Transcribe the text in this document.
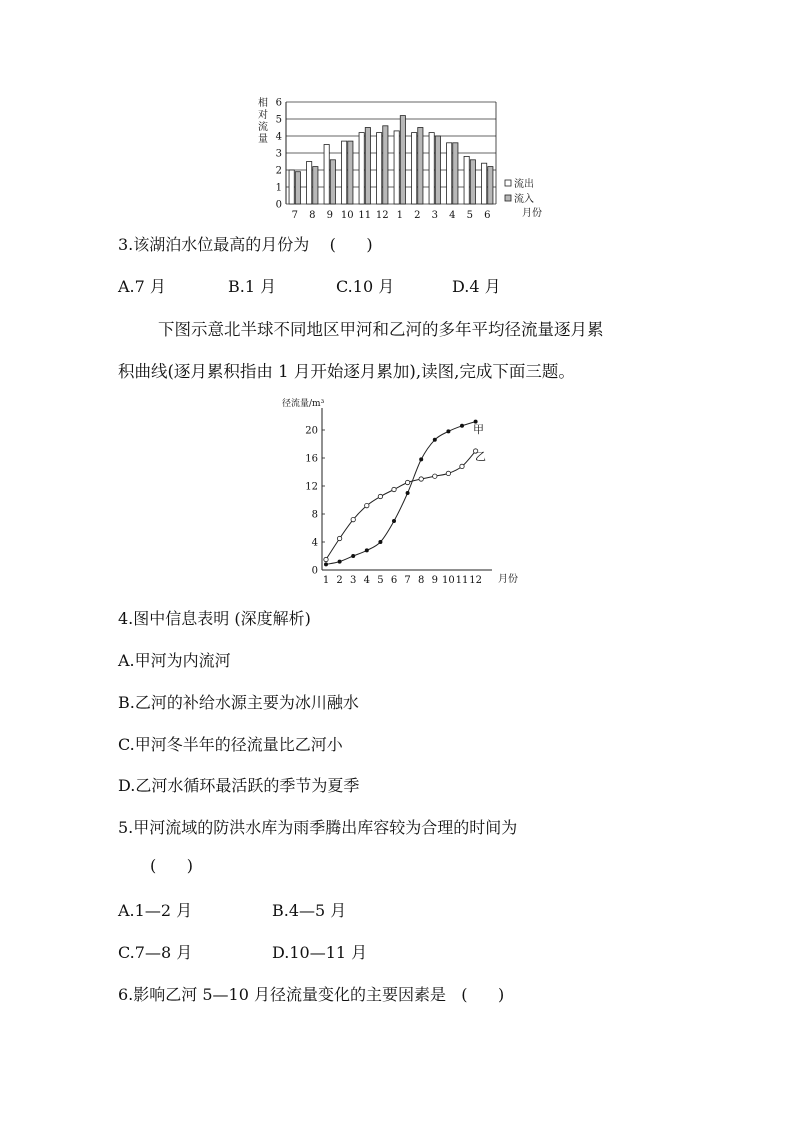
相
对
流
量
0
1
2
3
4
5
6
7 8 9 10 11 12 1 2 3 4 5 6	月份
流出
流入
3.该湖泊水位最高的月份为    (      )
A.7 月	B.1 月	C.10 月	D.4 月
下图示意北半球不同地区甲河和乙河的多年平均径流量逐月累
积曲线(逐月累积指由 1 月开始逐月累加),读图,完成下面三题。
径流量/m³
0
4
8
12
16
20
1 2 3 4 5 6 7 8 9 10 11 12 月份
甲
乙
4.图中信息表明 (深度解析)
A.甲河为内流河
B.乙河的补给水源主要为冰川融水
C.甲河冬半年的径流量比乙河小
D.乙河水循环最活跃的季节为夏季
5.甲河流域的防洪水库为雨季腾出库容较为合理的时间为
(      )
A.1—2 月	B.4—5 月
C.7—8 月	D.10—11 月
6.影响乙河 5—10 月径流量变化的主要因素是   (      )
